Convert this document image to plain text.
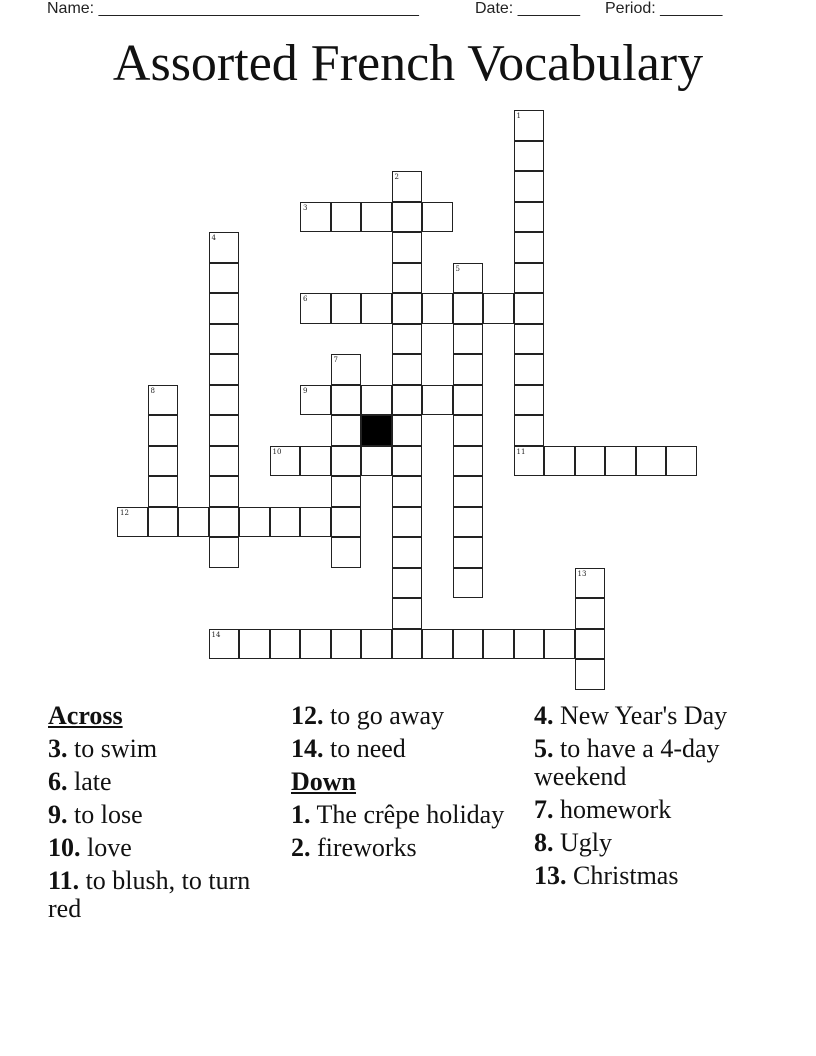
Name: ____________________________________	Date: _______ Period: _______
Assorted French Vocabulary
1
11
2
3
4
5
6
7
8	9
10
12
13
14
Across
3. to swim
6. late
9. to lose
10. love
11. to blush, to turn red
12. to go away
14. to need
Down
1. The crêpe holiday
2. fireworks
4. New Year's Day
5. to have a 4-day weekend
7. homework
8. Ugly
13. Christmas
